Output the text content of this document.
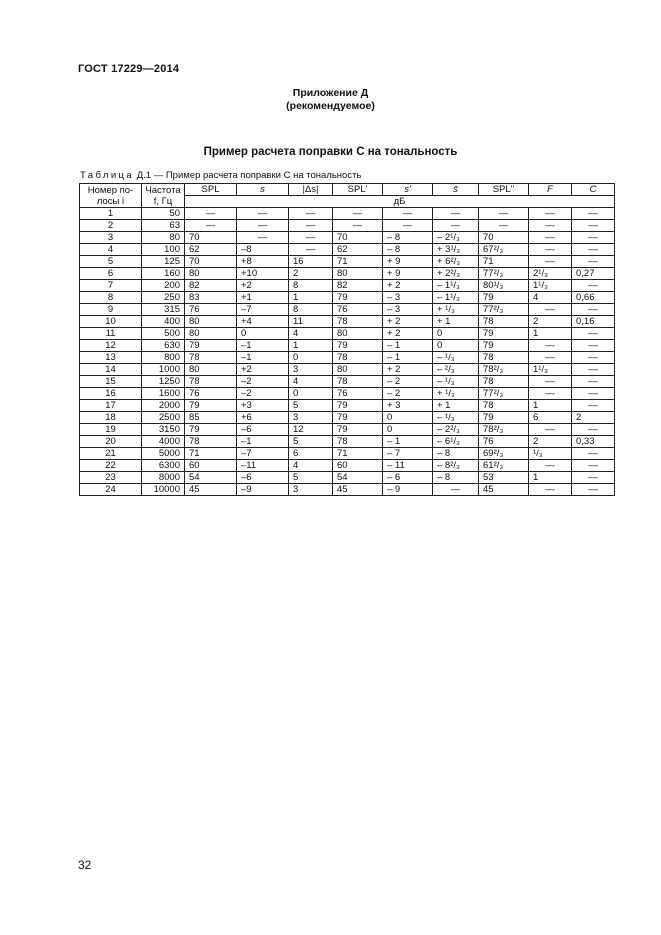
ГОСТ 17229—2014
Приложение Д
(рекомендуемое)
Пример расчета поправки С на тональность
Таблица Д.1 — Пример расчета поправки С на тональность
Номер по- лосы i	Частота f, Гц	SPL	s	|Δs|	SPL'	s'	s̄	SPL''	F	C
		дБ								
1	50	—	—	—	—	—	—	—	—	—
2	63	—	—	—	—	—	—	—	—	—
3	80	70	—	—	70	– 8	– 2¹/₃	70	—	—
4	100	62	–8	—	62	– 8	+ 3¹/₃	67²/₃	—	—
5	125	70	+8	16	71	+ 9	+ 6²/₃	71	—	—
6	160	80	+10	2	80	+ 9	+ 2²/₃	77²/₃	2¹/₃	0,27
7	200	82	+2	8	82	+ 2	– 1¹/₃	80¹/₃	1¹/₃	—
8	250	83	+1	1	79	– 3	– 1¹/₃	79	4	0,66
9	315	76	–7	8	76	– 3	+ ¹/₃	77²/₃	—	—
10	400	80	+4	11	78	+ 2	+ 1	78	2	0,16
11	500	80	0	4	80	+ 2	0	79	1	—
12	630	79	–1	1	79	– 1	0	79	—	—
13	800	78	–1	0	78	– 1	– ¹/₃	78	—	—
14	1000	80	+2	3	80	+ 2	– ²/₃	78²/₃	1¹/₃	—
15	1250	78	–2	4	78	– 2	– ¹/₃	78	—	—
16	1600	76	–2	0	76	– 2	+ ¹/₃	77²/₃	—	—
17	2000	79	+3	5	79	+ 3	+ 1	78	1	—
18	2500	85	+6	3	79	0	– ¹/₃	79	6	2
19	3150	79	–6	12	79	0	– 2²/₃	78²/₃	—	—
20	4000	78	–1	5	78	– 1	– 6¹/₃	76	2	0,33
21	5000	71	–7	6	71	– 7	– 8	69²/₃	¹/₃	—
22	6300	60	–11	4	60	– 11	– 8²/₃	61²/₃	—	—
23	8000	54	–6	5	54	– 6	– 8	53	1	—
24	10000	45	–9	3	45	– 9	—	45	—	—
32
